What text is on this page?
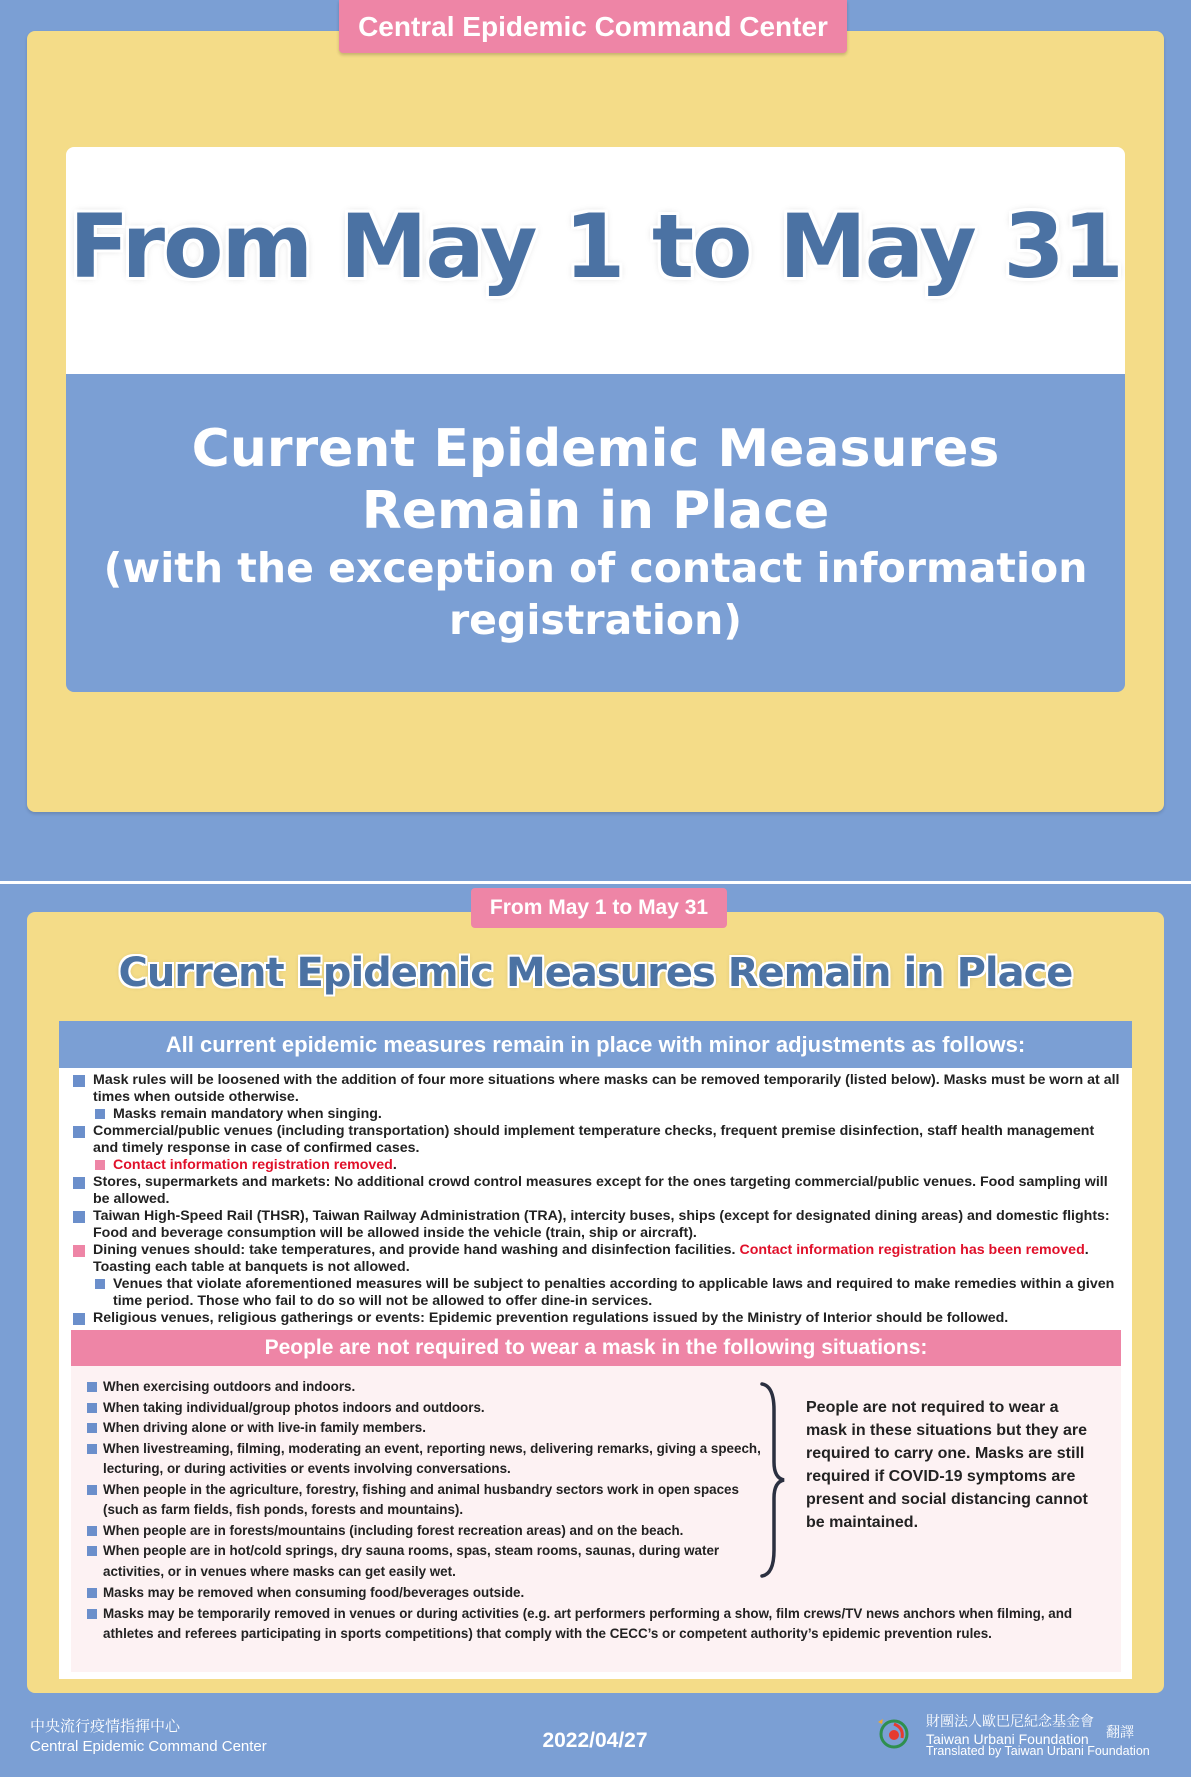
Central Epidemic Command Center
From May 1 to May 31
Current Epidemic Measures
Remain in Place
(with the exception of contact information
registration)
From May 1 to May 31
Current Epidemic Measures Remain in Place
All current epidemic measures remain in place with minor adjustments as follows:
Mask rules will be loosened with the addition of four more situations where masks can be removed temporarily (listed below). Masks must be worn at all times when outside otherwise.
Masks remain mandatory when singing.
Commercial/public venues (including transportation) should implement temperature checks, frequent premise disinfection, staff health management and timely response in case of confirmed cases.
Contact information registration removed.
Stores, supermarkets and markets: No additional crowd control measures except for the ones targeting commercial/public venues. Food sampling will be allowed.
Taiwan High-Speed Rail (THSR), Taiwan Railway Administration (TRA), intercity buses, ships (except for designated dining areas) and domestic flights: Food and beverage consumption will be allowed inside the vehicle (train, ship or aircraft).
Dining venues should: take temperatures, and provide hand washing and disinfection facilities. Contact information registration has been removed. Toasting each table at banquets is not allowed.
Venues that violate aforementioned measures will be subject to penalties according to applicable laws and required to make remedies within a given time period. Those who fail to do so will not be allowed to offer dine-in services.
Religious venues, religious gatherings or events: Epidemic prevention regulations issued by the Ministry of Interior should be followed.
People are not required to wear a mask in the following situations:
When exercising outdoors and indoors.
When taking individual/group photos indoors and outdoors.
When driving alone or with live-in family members.
When livestreaming, filming, moderating an event, reporting news, delivering remarks, giving a speech, lecturing, or during activities or events involving conversations.
When people in the agriculture, forestry, fishing and animal husbandry sectors work in open spaces (such as farm fields, fish ponds, forests and mountains).
When people are in forests/mountains (including forest recreation areas) and on the beach.
When people are in hot/cold springs, dry sauna rooms, spas, steam rooms, saunas, during water activities, or in venues where masks can get easily wet.
People are not required to wear a mask in these situations but they are required to carry one. Masks are still required if COVID-19 symptoms are present and social distancing cannot be maintained.
Masks may be removed when consuming food/beverages outside.
Masks may be temporarily removed in venues or during activities (e.g. art performers performing a show, film crews/TV news anchors when filming, and athletes and referees participating in sports competitions) that comply with the CECC’s or competent authority’s epidemic prevention rules.
中央流行疫情指揮中心
Central Epidemic Command Center	2022/04/27
財團法人歐巴尼紀念基金會
Taiwan Urbani Foundation	翻譯
Translated by Taiwan Urbani Foundation
